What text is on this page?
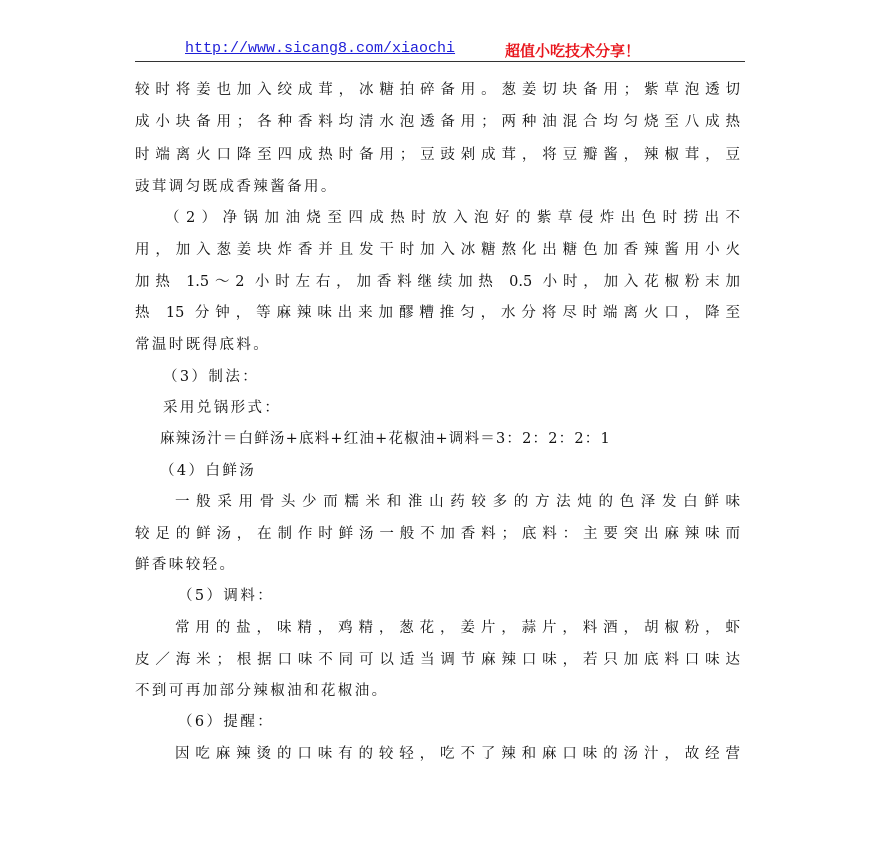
http://www.sicang8.com/xiaochi	超值小吃技术分享！
较时将姜也加入绞成茸，冰糖拍碎备用。葱姜切块备用；紫草泡透切
成小块备用；各种香料均清水泡透备用；两种油混合均匀烧至八成热
时端离火口降至四成热时备用；豆豉剁成茸，将豆瓣酱，辣椒茸，豆
豉茸调匀既成香辣酱备用。
（2）净锅加油烧至四成热时放入泡好的紫草侵炸出色时捞出不
用，加入葱姜块炸香并且发干时加入冰糖熬化出糖色加香辣酱用小火
加热 1.5～2 小时左右，加香料继续加热 0.5 小时，加入花椒粉末加
热 15 分钟，等麻辣味出来加醪糟推匀，水分将尽时端离火口，降至
常温时既得底料。
（3）制法：
采用兑锅形式：
麻辣汤汁＝白鲜汤+底料+红油+花椒油+调料＝3：2：2：2：1
（4）白鲜汤
一般采用骨头少而糯米和淮山药较多的方法炖的色泽发白鲜味
较足的鲜汤，在制作时鲜汤一般不加香料；底料：主要突出麻辣味而
鲜香味较轻。
（5）调料：
常用的盐，味精，鸡精，葱花，姜片，蒜片，料酒，胡椒粉，虾
皮／海米；根据口味不同可以适当调节麻辣口味，若只加底料口味达
不到可再加部分辣椒油和花椒油。
（6）提醒：
因吃麻辣烫的口味有的较轻，吃不了辣和麻口味的汤汁，故经营
